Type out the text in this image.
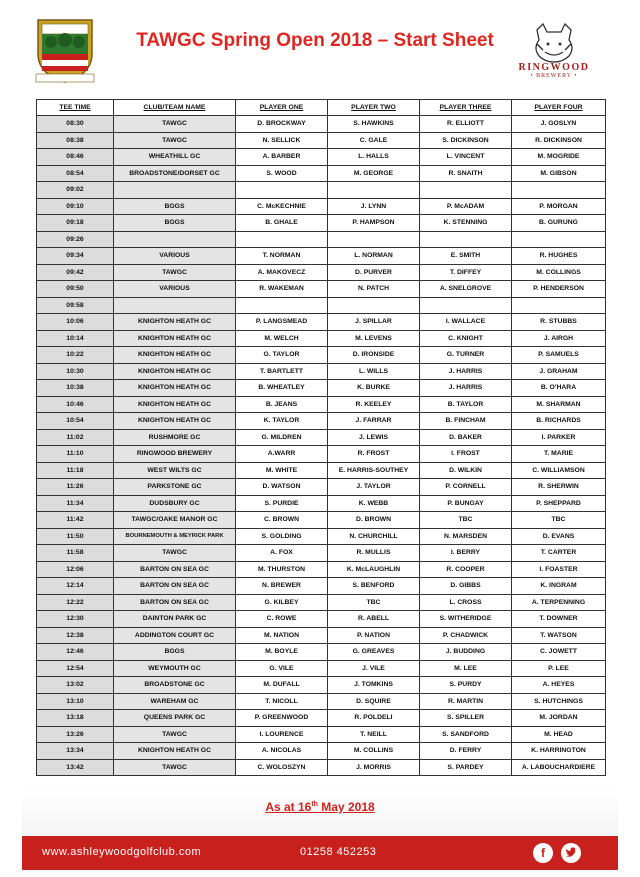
TAWGC Spring Open 2018 – Start Sheet
RINGWOOD
• BREWERY •
TEE TIME	CLUB/TEAM NAME	PLAYER ONE	PLAYER TWO	PLAYER THREE	PLAYER FOUR
08:30	TAWGC	D. BROCKWAY	S. HAWKINS	R. ELLIOTT	J. GOSLYN
08:38	TAWGC	N. SELLICK	C. GALE	S. DICKINSON	R. DICKINSON
08:46	WHEATHILL GC	A. BARBER	L. HALLS	L. VINCENT	M. MOGRIDE
08:54	BROADSTONE/DORSET GC	S. WOOD	M. GEORGE	R. SNAITH	M. GIBSON
09:02					
09:10	BGGS	C. McKECHNIE	J. LYNN	P. McADAM	P. MORGAN
09:18	BGGS	B. GHALE	P. HAMPSON	K. STENNING	B. GURUNG
09:26					
09:34	VARIOUS	T. NORMAN	L. NORMAN	E. SMITH	R. HUGHES
09:42	TAWGC	A. MAKOVECZ	D. PURVER	T. DIFFEY	M. COLLINGS
09:50	VARIOUS	R. WAKEMAN	N. PATCH	A. SNELGROVE	P. HENDERSON
09:58					
10:06	KNIGHTON HEATH GC	P. LANGSMEAD	J. SPILLAR	I. WALLACE	R. STUBBS
10:14	KNIGHTON HEATH GC	M. WELCH	M. LEVENS	C. KNIGHT	J. AIRGH
10:22	KNIGHTON HEATH GC	G. TAYLOR	D. IRONSIDE	G. TURNER	P. SAMUELS
10:30	KNIGHTON HEATH GC	T. BARTLETT	L. WILLS	J. HARRIS	J. GRAHAM
10:38	KNIGHTON HEATH GC	B. WHEATLEY	K. BURKE	J. HARRIS	B. O'HARA
10:46	KNIGHTON HEATH GC	B. JEANS	R. KEELEY	B. TAYLOR	M. SHARMAN
10:54	KNIGHTON HEATH GC	K. TAYLOR	J. FARRAR	B. FINCHAM	B. RICHARDS
11:02	RUSHMORE GC	G. MILDREN	J. LEWIS	D. BAKER	I. PARKER
11:10	RINGWOOD BREWERY	A.WARR	R. FROST	I. FROST	T. MARIE
11:18	WEST WILTS GC	M. WHITE	E. HARRIS-SOUTHEY	D. WILKIN	C. WILLIAMSON
11:26	PARKSTONE GC	D. WATSON	J. TAYLOR	P. CORNELL	R. SHERWIN
11:34	DUDSBURY GC	S. PURDIE	K. WEBB	P. BUNGAY	P. SHEPPARD
11:42	TAWGC/OAKE MANOR GC	C. BROWN	D. BROWN	TBC	TBC
11:50	BOURNEMOUTH & MEYRICK PARK	S. GOLDING	N. CHURCHILL	N. MARSDEN	D. EVANS
11:58	TAWGC	A. FOX	R. MULLIS	I. BERRY	T. CARTER
12:06	BARTON ON SEA GC	M. THURSTON	K. McLAUGHLIN	R. COOPER	I. FOASTER
12:14	BARTON ON SEA GC	N. BREWER	S. BENFORD	D. GIBBS	K. INGRAM
12:22	BARTON ON SEA GC	G. KILBEY	TBC	L. CROSS	A. TERPENNING
12:30	DAINTON PARK GC	C. ROWE	R. ABELL	S. WITHERIDGE	T. DOWNER
12:38	ADDINGTON COURT GC	M. NATION	P. NATION	P. CHADWICK	T. WATSON
12:46	BGGS	M. BOYLE	G. GREAVES	J. BUDDING	C. JOWETT
12:54	WEYMOUTH GC	G. VILE	J. VILE	M. LEE	P. LEE
13:02	BROADSTONE GC	M. DUFALL	J. TOMKINS	S. PURDY	A. HEYES
13:10	WAREHAM GC	T. NICOLL	D. SQUIRE	R. MARTIN	S. HUTCHINGS
13:18	QUEENS PARK GC	P. GREENWOOD	R. POLDELI	S. SPILLER	M. JORDAN
13:26	TAWGC	I. LOURENCE	T. NEILL	S. SANDFORD	M. HEAD
13:34	KNIGHTON HEATH GC	A. NICOLAS	M. COLLINS	D. FERRY	K. HARRINGTON
13:42	TAWGC	C. WOLOSZYN	J. MORRIS	S. PARDEY	A. LABOUCHARDIERE
As at 16th May 2018
www.ashleywoodgolfclub.com	01258 452253	f
